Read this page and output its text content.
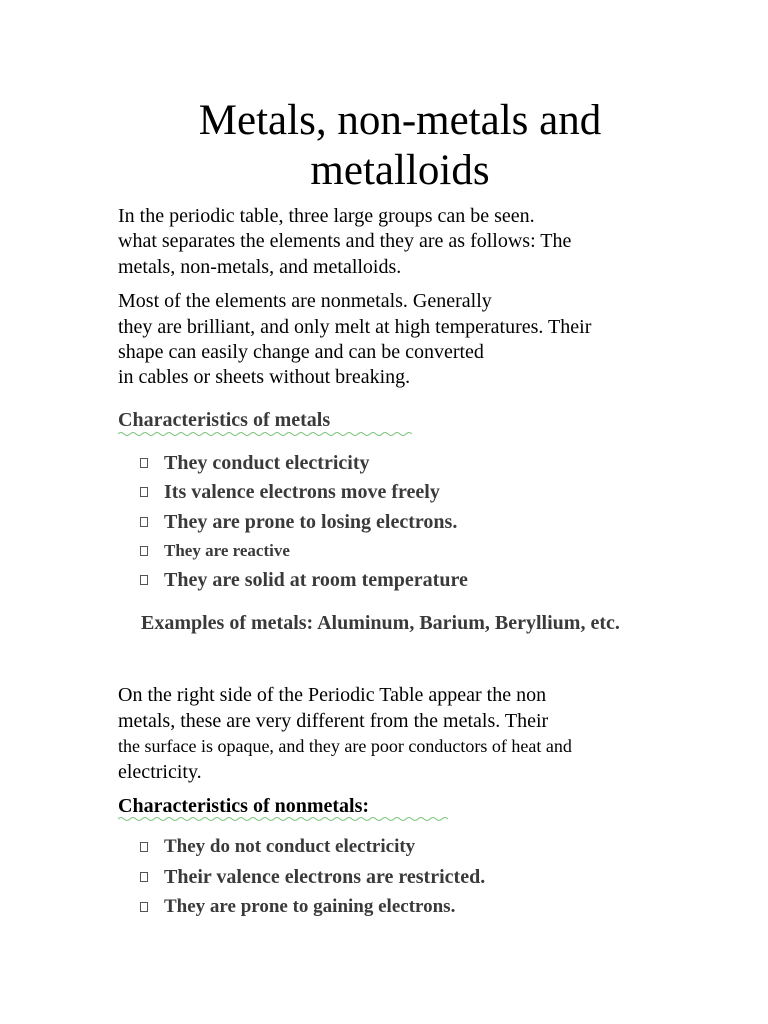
Metals, non-metals and
metalloids
In the periodic table, three large groups can be seen.
what separates the elements and they are as follows: The
metals, non-metals, and metalloids.
Most of the elements are nonmetals. Generally
they are brilliant, and only melt at high temperatures. Their
shape can easily change and can be converted
in cables or sheets without breaking.
Characteristics of metals
They conduct electricity
Its valence electrons move freely
They are prone to losing electrons.
They are reactive
They are solid at room temperature
Examples of metals: Aluminum, Barium, Beryllium, etc.
On the right side of the Periodic Table appear the non
metals, these are very different from the metals. Their
the surface is opaque, and they are poor conductors of heat and
electricity.
Characteristics of nonmetals:
They do not conduct electricity
Their valence electrons are restricted.
They are prone to gaining electrons.
